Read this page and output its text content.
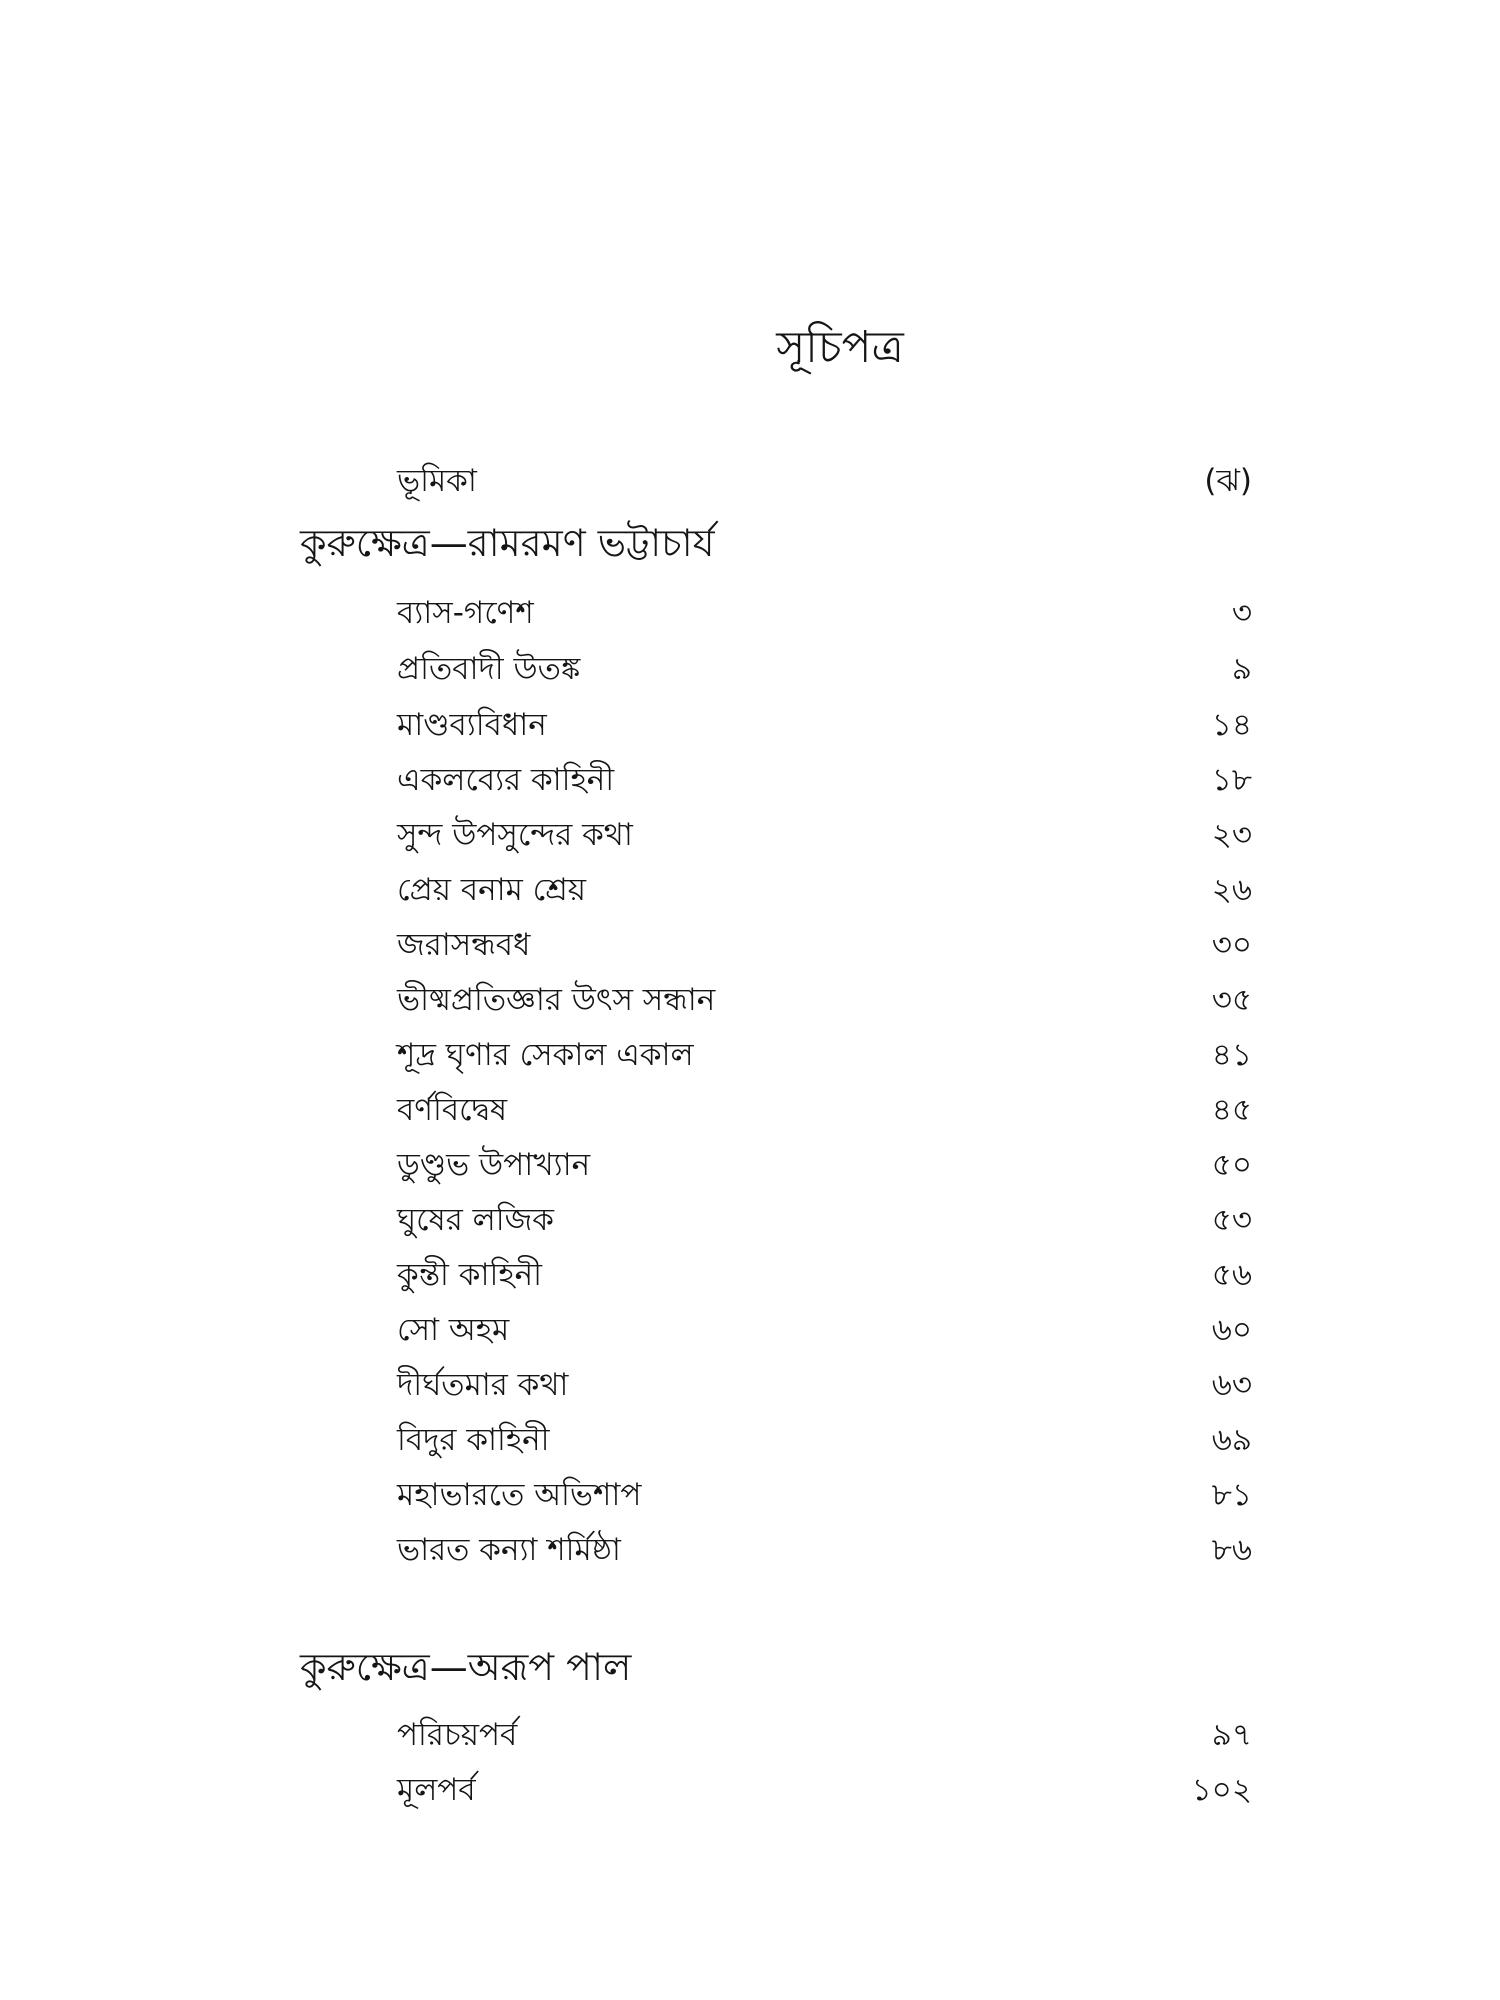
সূচিপত্র
ভূমিকা	(ঝ)
কুরুক্ষেত্র—রামরমণ ভট্টাচার্য
ব্যাস-গণেশ	৩
প্রতিবাদী উতঙ্ক	৯
মাণ্ডব্যবিধান	১৪
একলব্যের কাহিনী	১৮
সুন্দ উপসুন্দের কথা	২৩
প্রেয় বনাম শ্রেয়	২৬
জরাসন্ধবধ	৩০
ভীষ্মপ্রতিজ্ঞার উৎস সন্ধান	৩৫
শূদ্র ঘৃণার সেকাল একাল	৪১
বর্ণবিদ্বেষ	৪৫
ডুণ্ডুভ উপাখ্যান	৫০
ঘুষের লজিক	৫৩
কুন্তী কাহিনী	৫৬
সো অহম	৬০
দীর্ঘতমার কথা	৬৩
বিদুর কাহিনী	৬৯
মহাভারতে অভিশাপ	৮১
ভারত কন্যা শর্মিষ্ঠা	৮৬
কুরুক্ষেত্র—অরূপ পাল
পরিচয়পর্ব	৯৭
মূলপর্ব	১০২
